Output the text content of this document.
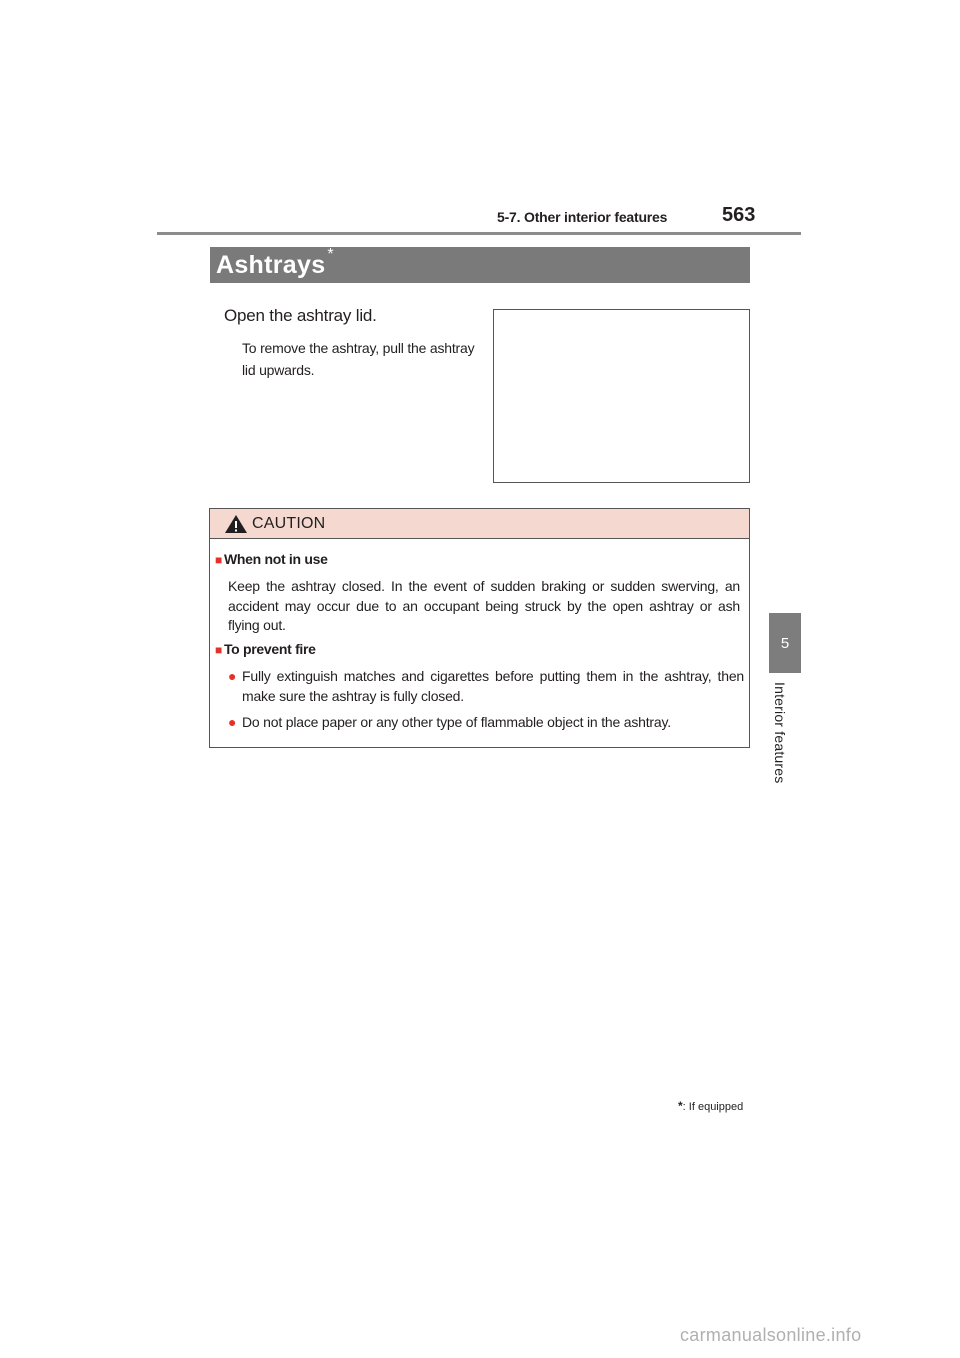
5-7. Other interior features	563
5
Interior features
Ashtrays *
Open the ashtray lid.
To remove the ashtray, pull the ashtray lid upwards.
CAUTION
■ When not in use
Keep the ashtray closed. In the event of sudden braking or sudden swerving, an accident may occur due to an occupant being struck by the open ashtray or ash flying out.
■ To prevent fire
● Fully extinguish matches and cigarettes before putting them in the ashtray, then make sure the ashtray is fully closed.
● Do not place paper or any other type of flammable object in the ashtray.
*: If equipped
carmanualsonline.info
